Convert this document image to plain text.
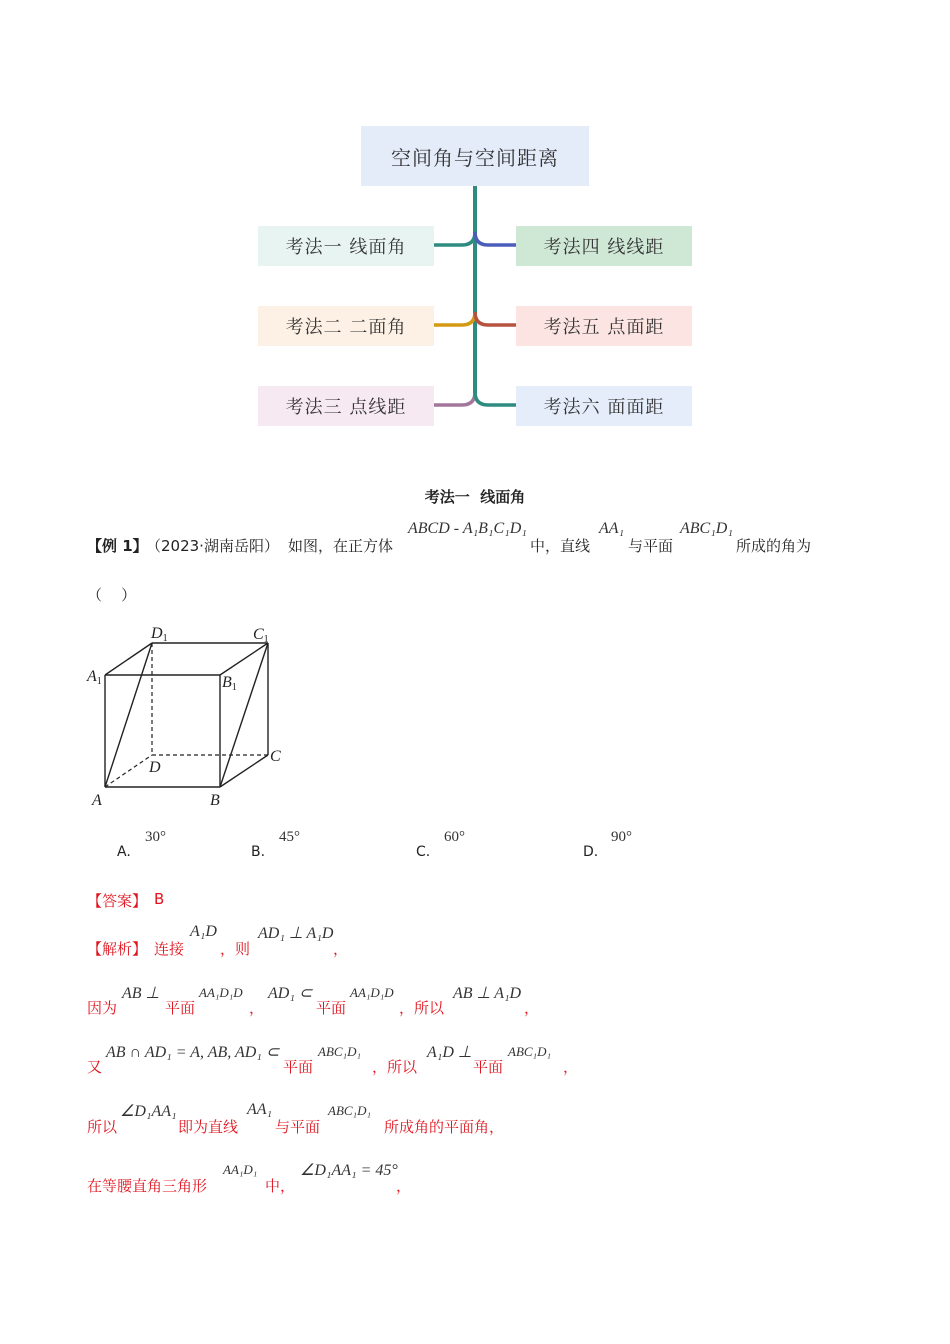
空间角与空间距离
考法一 线面角
考法二 二面角
考法三 点线距
考法四 线线距
考法五 点面距
考法六 面面距
考法一  线面角
【例 1】
（2023·湖南岳阳） 如图，在正方体
ABCD - A₁B₁C₁D₁
中，直线
AA₁
与平面
ABC₁D₁
所成的角为
（    ）
A	B
C
D
A1	B1
C1
D1
A.
30°
B.
45°
C.
60°
D.
90°
【答案】 B
【解析】 连接
A₁D
，则
AD₁ ⊥ A₁D
，
因为
AB ⊥
平面
AA₁D₁D
，
AD₁ ⊂
平面
AA₁D₁D
，所以
AB ⊥ A₁D
，
又
AB ∩ AD₁ = A, AB, AD₁ ⊂
平面
ABC₁D₁
，所以
A₁D ⊥
平面
ABC₁D₁
，
所以
∠D₁AA₁
即为直线
AA₁
与平面
ABC₁D₁
所成角的平面角，
在等腰直角三角形
AA₁D₁
中，
∠D₁AA₁ = 45°
，
